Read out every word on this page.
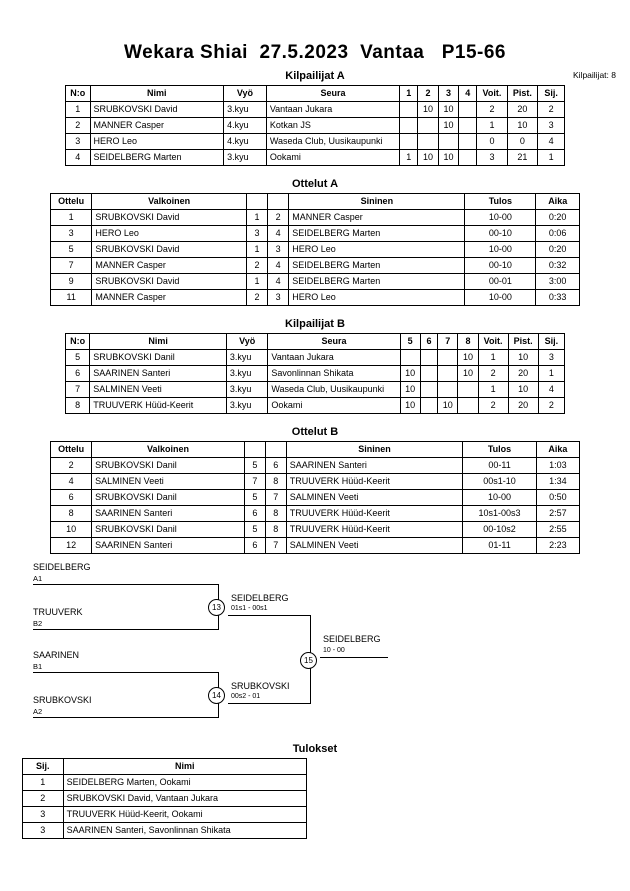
Wekara Shiai  27.5.2023  Vantaa   P15-66
Kilpailijat A	Kilpailijat: 8
N:o	Nimi	Vyö	Seura	1	2	3	4	Voit.	Pist.	Sij.
1	SRUBKOVSKI David	3.kyu	Vantaan Jukara		10	10		2	20	2
2	MANNER Casper	4.kyu	Kotkan JS			10		1	10	3
3	HERO Leo	4.kyu	Waseda Club, Uusikaupunki					0	0	4
4	SEIDELBERG Marten	3.kyu	Ookami	1	10	10		3	21	1
Ottelut A
Ottelu	Valkoinen			Sininen	Tulos	Aika
1	SRUBKOVSKI David	1	2	MANNER Casper	10-00	0:20
3	HERO Leo	3	4	SEIDELBERG Marten	00-10	0:06
5	SRUBKOVSKI David	1	3	HERO Leo	10-00	0:20
7	MANNER Casper	2	4	SEIDELBERG Marten	00-10	0:32
9	SRUBKOVSKI David	1	4	SEIDELBERG Marten	00-01	3:00
11	MANNER Casper	2	3	HERO Leo	10-00	0:33
Kilpailijat B
N:o	Nimi	Vyö	Seura	5	6	7	8	Voit.	Pist.	Sij.
5	SRUBKOVSKI Danil	3.kyu	Vantaan Jukara				10	1	10	3
6	SAARINEN Santeri	3.kyu	Savonlinnan Shikata	10			10	2	20	1
7	SALMINEN Veeti	3.kyu	Waseda Club, Uusikaupunki	10				1	10	4
8	TRUUVERK Hüüd-Keerit	3.kyu	Ookami	10		10		2	20	2
Ottelut B
Ottelu	Valkoinen			Sininen	Tulos	Aika
2	SRUBKOVSKI Danil	5	6	SAARINEN Santeri	00-11	1:03
4	SALMINEN Veeti	7	8	TRUUVERK Hüüd-Keerit	00s1-10	1:34
6	SRUBKOVSKI Danil	5	7	SALMINEN Veeti	10-00	0:50
8	SAARINEN Santeri	6	8	TRUUVERK Hüüd-Keerit	10s1-00s3	2:57
10	SRUBKOVSKI Danil	5	8	TRUUVERK Hüüd-Keerit	00-10s2	2:55
12	SAARINEN Santeri	6	7	SALMINEN Veeti	01-11	2:23
SEIDELBERG
A1
TRUUVERK
B2
13
SEIDELBERG
01s1 - 00s1
SAARINEN
B1
SRUBKOVSKI
A2
14
SRUBKOVSKI
00s2 - 01
15
SEIDELBERG
10 - 00
Tulokset
Sij.	Nimi
1	SEIDELBERG Marten, Ookami
2	SRUBKOVSKI David, Vantaan Jukara
3	TRUUVERK Hüüd-Keerit, Ookami
3	SAARINEN Santeri, Savonlinnan Shikata
